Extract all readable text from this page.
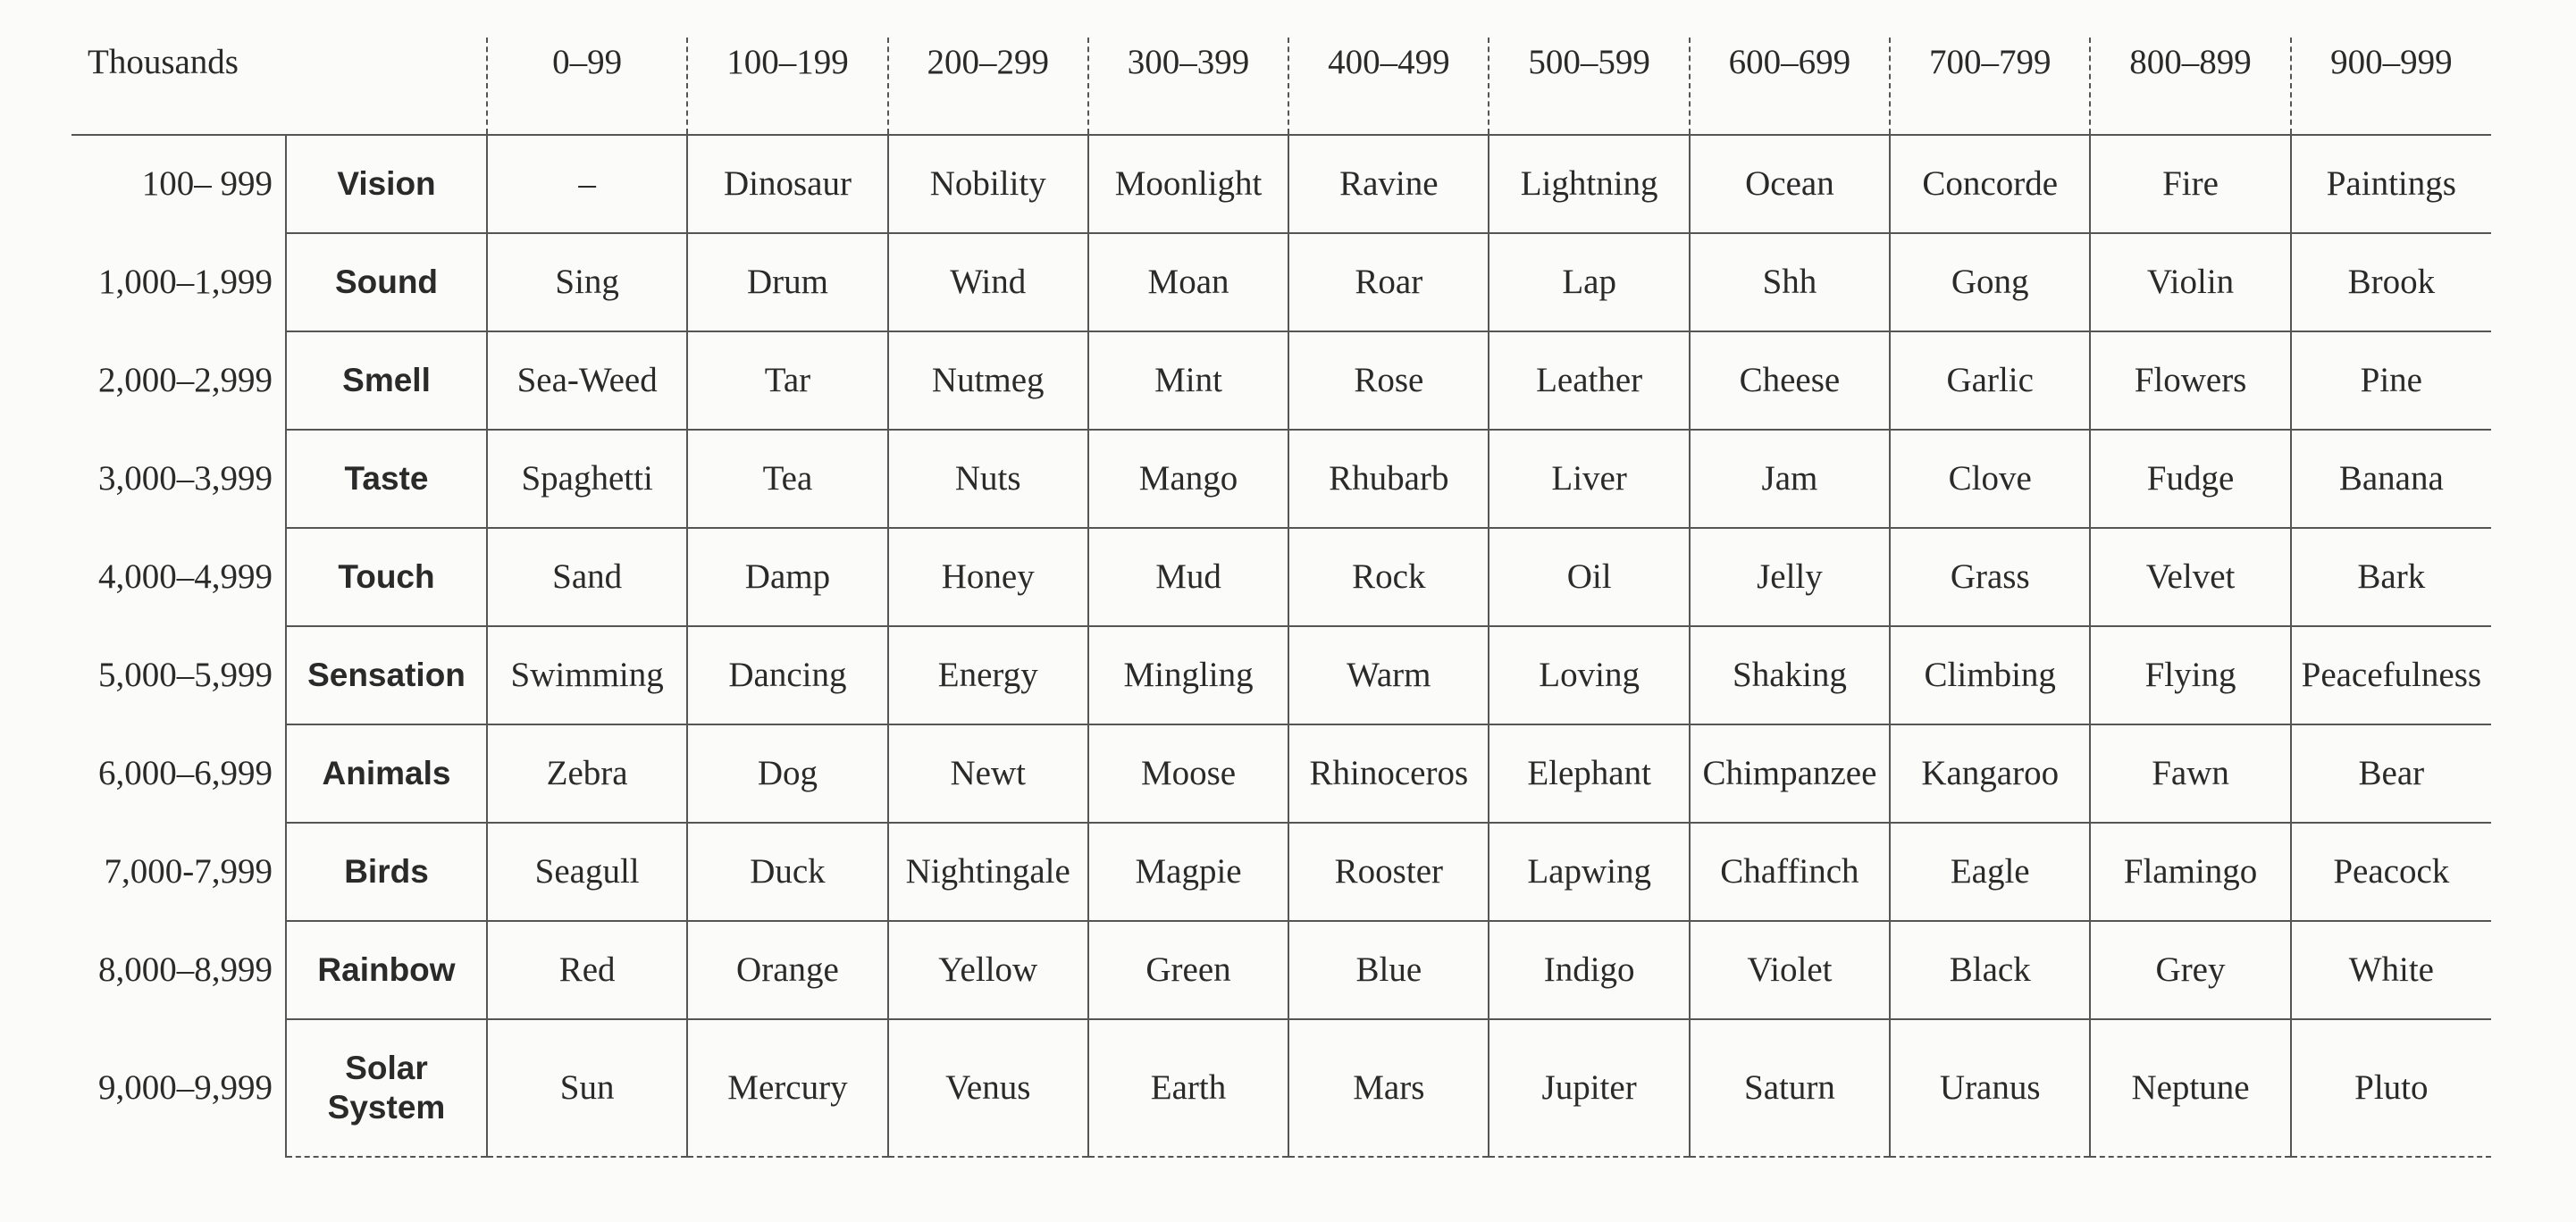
Thousands		0–99	100–199	200–299	300–399	400–499	500–599	600–699	700–799	800–899	900–999
100– 999	Vision	–	Dinosaur	Nobility	Moonlight	Ravine	Lightning	Ocean	Concorde	Fire	Paintings
1,000–1,999	Sound	Sing	Drum	Wind	Moan	Roar	Lap	Shh	Gong	Violin	Brook
2,000–2,999	Smell	Sea-Weed	Tar	Nutmeg	Mint	Rose	Leather	Cheese	Garlic	Flowers	Pine
3,000–3,999	Taste	Spaghetti	Tea	Nuts	Mango	Rhubarb	Liver	Jam	Clove	Fudge	Banana
4,000–4,999	Touch	Sand	Damp	Honey	Mud	Rock	Oil	Jelly	Grass	Velvet	Bark
5,000–5,999	Sensation	Swimming	Dancing	Energy	Mingling	Warm	Loving	Shaking	Climbing	Flying	Peacefulness
6,000–6,999	Animals	Zebra	Dog	Newt	Moose	Rhinoceros	Elephant	Chimpanzee	Kangaroo	Fawn	Bear
7,000-7,999	Birds	Seagull	Duck	Nightingale	Magpie	Rooster	Lapwing	Chaffinch	Eagle	Flamingo	Peacock
8,000–8,999	Rainbow	Red	Orange	Yellow	Green	Blue	Indigo	Violet	Black	Grey	White
9,000–9,999	Solar System	Sun	Mercury	Venus	Earth	Mars	Jupiter	Saturn	Uranus	Neptune	Pluto
